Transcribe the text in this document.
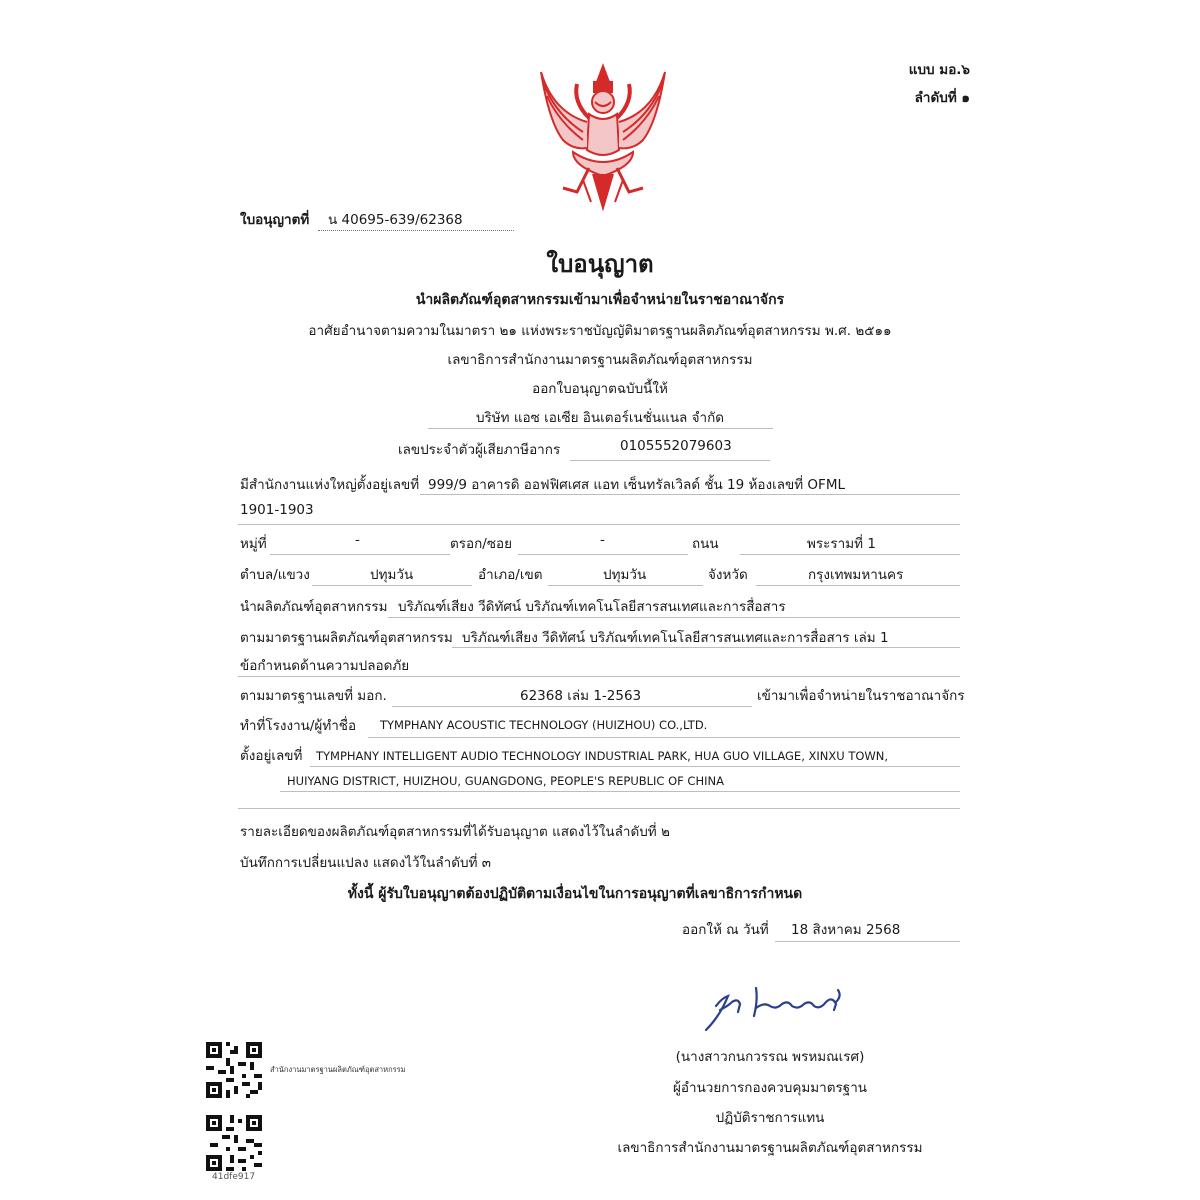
แบบ มอ.๖
ลำดับที่ ๑
ใบอนุญาตที่	น 40695-639/62368
ใบอนุญาต
นำผลิตภัณฑ์อุตสาหกรรมเข้ามาเพื่อจำหน่ายในราชอาณาจักร
อาศัยอำนาจตามความในมาตรา ๒๑ แห่งพระราชบัญญัติมาตรฐานผลิตภัณฑ์อุตสาหกรรม พ.ศ. ๒๕๑๑
เลขาธิการสำนักงานมาตรฐานผลิตภัณฑ์อุตสาหกรรม
ออกใบอนุญาตฉบับนี้ให้
บริษัท แอซ เอเซีย อินเตอร์เนชั่นแนล จำกัด
เลขประจำตัวผู้เสียภาษีอากร	0105552079603
มีสำนักงานแห่งใหญ่ตั้งอยู่เลขที่ 999/9 อาคารดิ ออฟฟิศเศส แอท เซ็นทรัลเวิลด์ ชั้น 19 ห้องเลขที่ OFML
1901-1903
หมู่ที่	-	ตรอก/ซอย	-	ถนน	พระรามที่ 1
ตำบล/แขวง	ปทุมวัน	อำเภอ/เขต	ปทุมวัน	จังหวัด	กรุงเทพมหานคร
นำผลิตภัณฑ์อุตสาหกรรม บริภัณฑ์เสียง วีดิทัศน์ บริภัณฑ์เทคโนโลยีสารสนเทศและการสื่อสาร
ตามมาตรฐานผลิตภัณฑ์อุตสาหกรรม บริภัณฑ์เสียง วีดิทัศน์ บริภัณฑ์เทคโนโลยีสารสนเทศและการสื่อสาร เล่ม 1
ข้อกำหนดด้านความปลอดภัย
ตามมาตรฐานเลขที่ มอก.	62368 เล่ม 1-2563	เข้ามาเพื่อจำหน่ายในราชอาณาจักร
ทำที่โรงงาน/ผู้ทำชื่อ TYMPHANY ACOUSTIC TECHNOLOGY (HUIZHOU) CO.,LTD.
ตั้งอยู่เลขที่ TYMPHANY INTELLIGENT AUDIO TECHNOLOGY INDUSTRIAL PARK, HUA GUO VILLAGE, XINXU TOWN,
HUIYANG DISTRICT, HUIZHOU, GUANGDONG, PEOPLE'S REPUBLIC OF CHINA
รายละเอียดของผลิตภัณฑ์อุตสาหกรรมที่ได้รับอนุญาต แสดงไว้ในลำดับที่ ๒
บันทึกการเปลี่ยนแปลง แสดงไว้ในลำดับที่ ๓
ทั้งนี้ ผู้รับใบอนุญาตต้องปฏิบัติตามเงื่อนไขในการอนุญาตที่เลขาธิการกำหนด
ออกให้ ณ วันที่ 18 สิงหาคม 2568
(นางสาวกนกวรรณ พรหมณเรศ)
ผู้อำนวยการกองควบคุมมาตรฐาน
ปฏิบัติราชการแทน
เลขาธิการสำนักงานมาตรฐานผลิตภัณฑ์อุตสาหกรรม
สำนักงานมาตรฐานผลิตภัณฑ์อุตสาหกรรม
41dfe917
